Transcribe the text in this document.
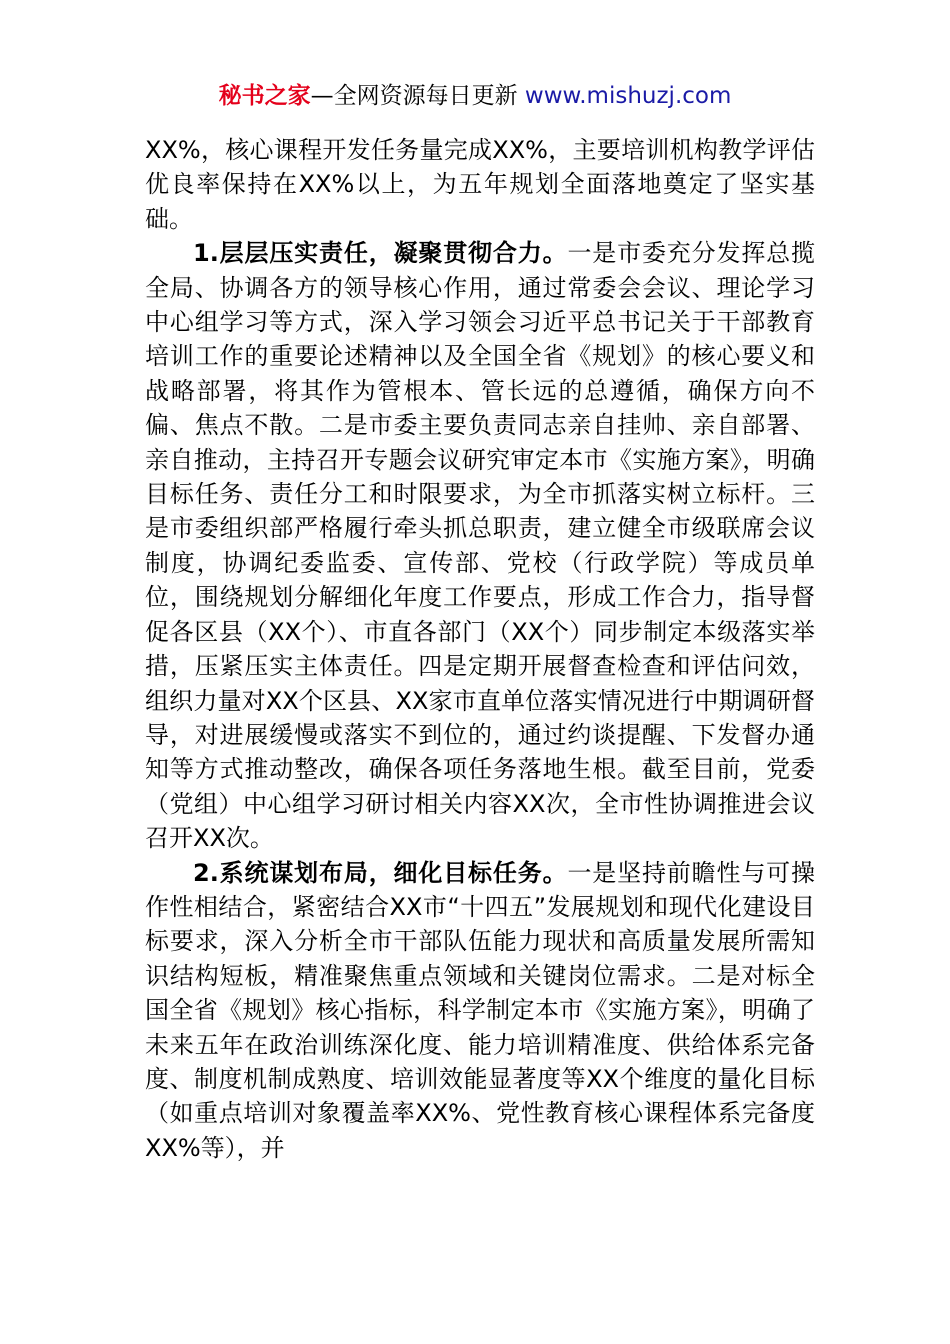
秘书之家—全网资源每日更新 www.mishuzj.com

XX%，核心课程开发任务量完成XX%，主要培训机构教学评估优良率保持在XX%以上，为五年规划全面落地奠定了坚实基础。

1.层层压实责任，凝聚贯彻合力。一是市委充分发挥总揽全局、协调各方的领导核心作用，通过常委会会议、理论学习中心组学习等方式，深入学习领会习近平总书记关于干部教育培训工作的重要论述精神以及全国全省《规划》的核心要义和战略部署，将其作为管根本、管长远的总遵循，确保方向不偏、焦点不散。二是市委主要负责同志亲自挂帅、亲自部署、亲自推动，主持召开专题会议研究审定本市《实施方案》，明确目标任务、责任分工和时限要求，为全市抓落实树立标杆。三是市委组织部严格履行牵头抓总职责，建立健全市级联席会议制度，协调纪委监委、宣传部、党校（行政学院）等成员单位，围绕规划分解细化年度工作要点，形成工作合力，指导督促各区县（XX个）、市直各部门（XX个）同步制定本级落实举措，压紧压实主体责任。四是定期开展督查检查和评估问效，组织力量对XX个区县、XX家市直单位落实情况进行中期调研督导，对进展缓慢或落实不到位的，通过约谈提醒、下发督办通知等方式推动整改，确保各项任务落地生根。截至目前，党委（党组）中心组学习研讨相关内容XX次，全市性协调推进会议召开XX次。

2.系统谋划布局，细化目标任务。一是坚持前瞻性与可操作性相结合，紧密结合XX市“十四五”发展规划和现代化建设目标要求，深入分析全市干部队伍能力现状和高质量发展所需知识结构短板，精准聚焦重点领域和关键岗位需求。二是对标全国全省《规划》核心指标，科学制定本市《实施方案》，明确了未来五年在政治训练深化度、能力培训精准度、供给体系完备度、制度机制成熟度、培训效能显著度等XX个维度的量化目标（如重点培训对象覆盖率XX%、党性教育核心课程体系完备度XX%等），并
